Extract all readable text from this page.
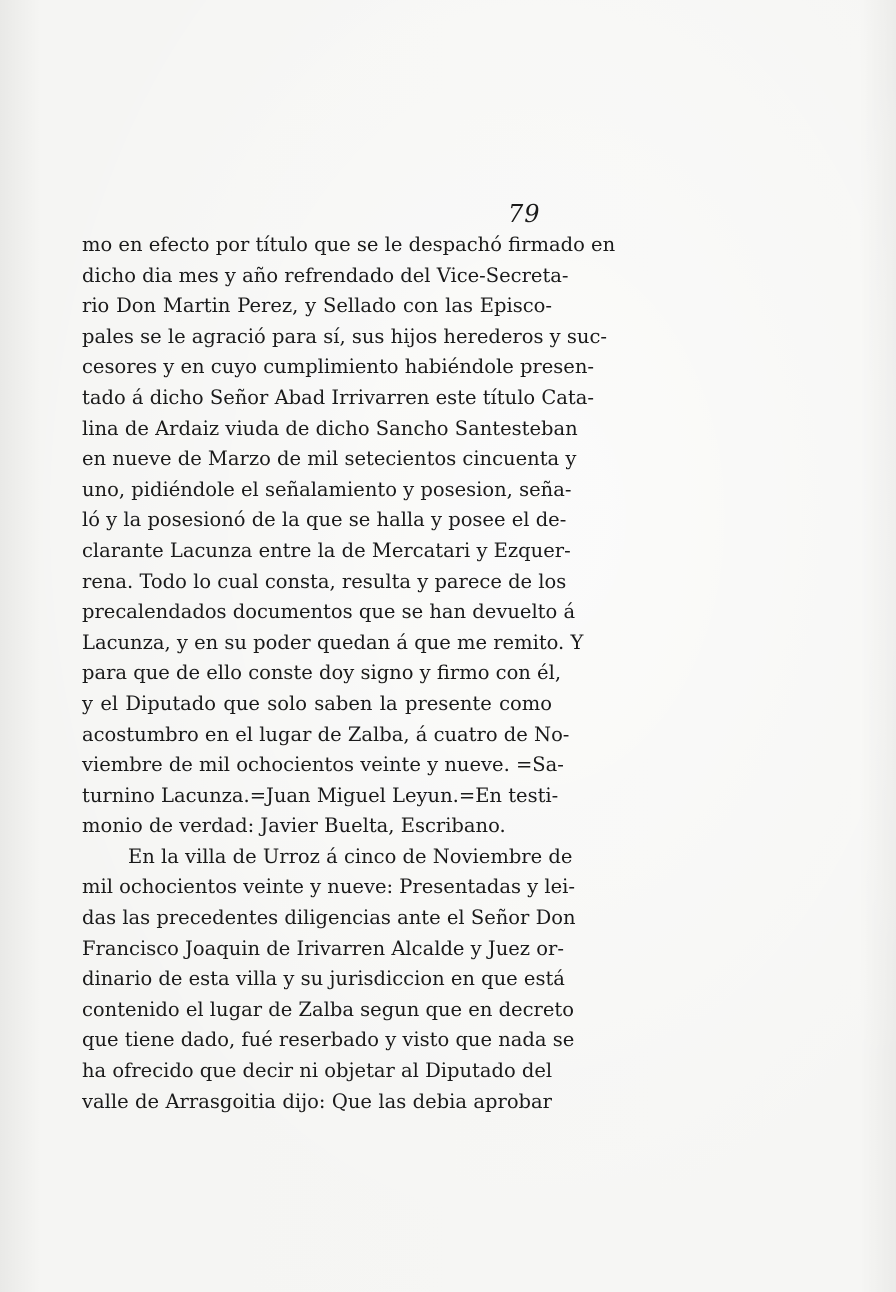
79
mo en efecto por título que se le despachó firmado en
dicho dia mes y año refrendado del Vice-Secreta-
rio Don Martin Perez, y Sellado con las Episco-
pales se le agració para sí, sus hijos herederos y suc-
cesores y en cuyo cumplimiento habiéndole presen-
tado á dicho Señor Abad Irrivarren este título Cata-
lina de Ardaiz viuda de dicho Sancho Santesteban
en nueve de Marzo de mil setecientos cincuenta y
uno, pidiéndole el señalamiento y posesion, seña-
ló y la posesionó de la que se halla y posee el de-
clarante Lacunza entre la de Mercatari y Ezquer-
rena. Todo lo cual consta, resulta y parece de los
precalendados documentos que se han devuelto á
Lacunza, y en su poder quedan á que me remito. Y
para que de ello conste doy signo y firmo con él,
y el Diputado que solo saben la presente como
acostumbro en el lugar de Zalba, á cuatro de No-
viembre de mil ochocientos veinte y nueve. =Sa-
turnino Lacunza.=Juan Miguel Leyun.=En testi-
monio de verdad: Javier Buelta, Escribano.
En la villa de Urroz á cinco de Noviembre de
mil ochocientos veinte y nueve: Presentadas y lei-
das las precedentes diligencias ante el Señor Don
Francisco Joaquin de Irivarren Alcalde y Juez or-
dinario de esta villa y su jurisdiccion en que está
contenido el lugar de Zalba segun que en decreto
que tiene dado, fué reserbado y visto que nada se
ha ofrecido que decir ni objetar al Diputado del
valle de Arrasgoitia dijo: Que las debia aprobar
